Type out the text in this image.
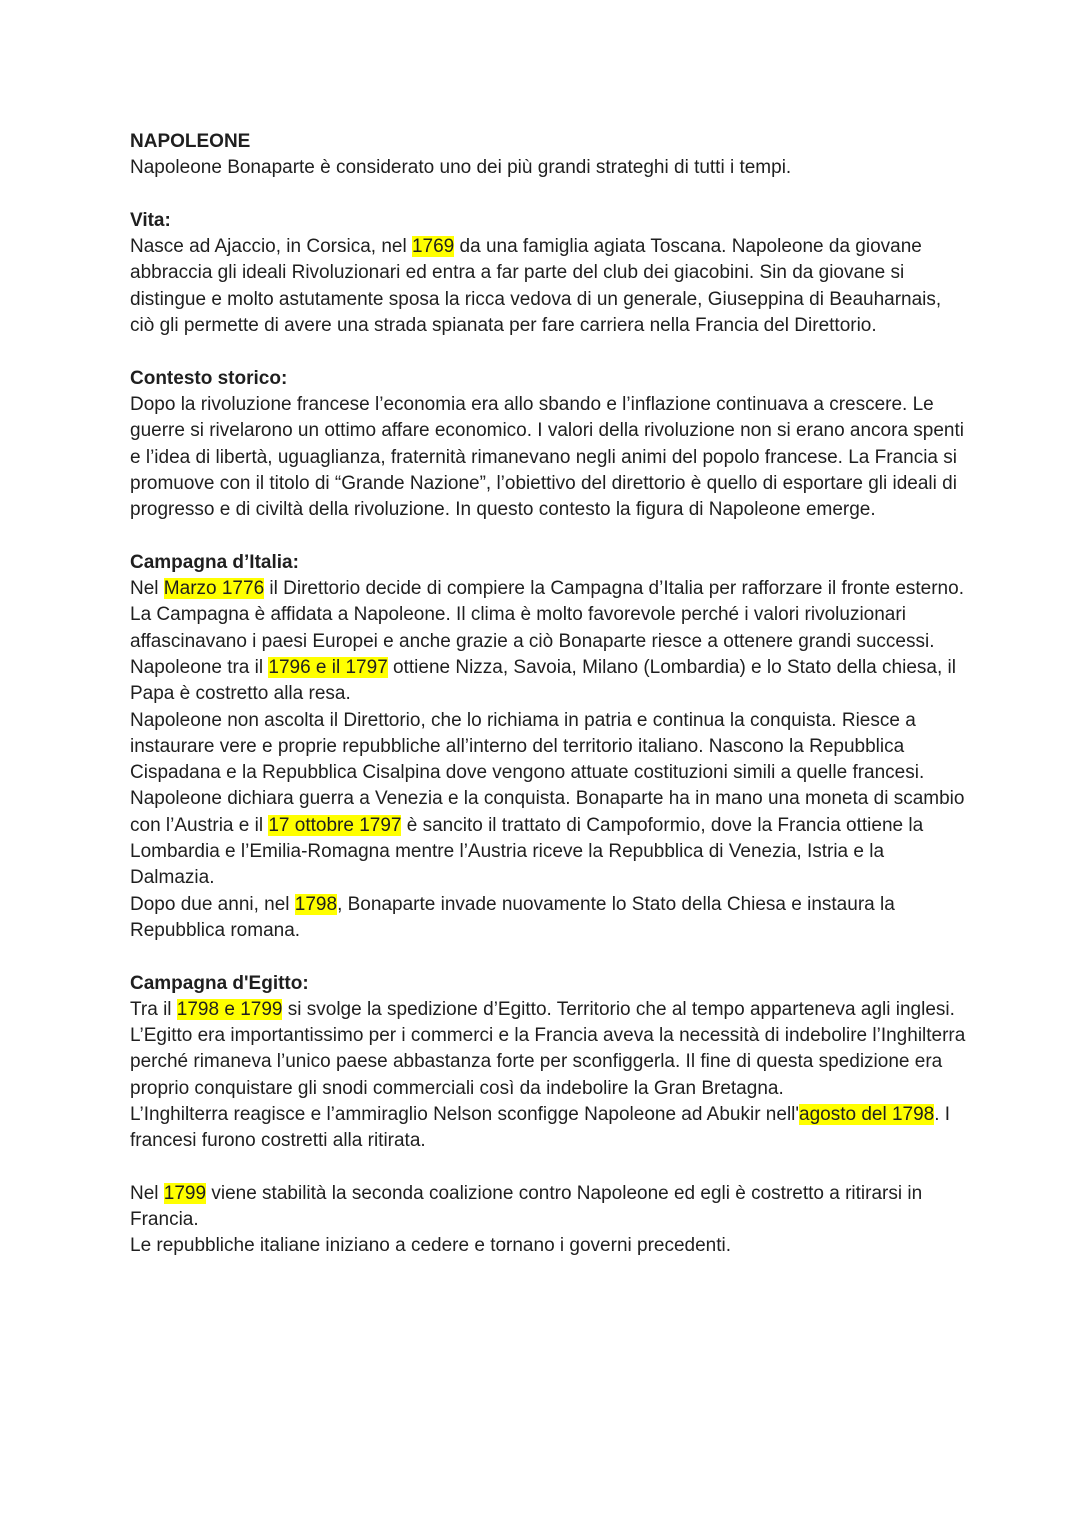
NAPOLEONE

Napoleone Bonaparte è considerato uno dei più grandi strateghi di tutti i tempi.

Vita:

Nasce ad Ajaccio, in Corsica, nel 1769 da una famiglia agiata Toscana. Napoleone da giovane abbraccia gli ideali Rivoluzionari ed entra a far parte del club dei giacobini. Sin da giovane si distingue e molto astutamente sposa la ricca vedova di un generale, Giuseppina di Beauharnais, ciò gli permette di avere una strada spianata per fare carriera nella Francia del Direttorio.

Contesto storico:

Dopo la rivoluzione francese l’economia era allo sbando e l’inflazione continuava a crescere. Le guerre si rivelarono un ottimo affare economico. I valori della rivoluzione non si erano ancora spenti e l’idea di libertà, uguaglianza, fraternità rimanevano negli animi del popolo francese. La Francia si promuove con il titolo di “Grande Nazione”, l’obiettivo del direttorio è quello di esportare gli ideali di progresso e di civiltà della rivoluzione. In questo contesto la figura di Napoleone emerge.

Campagna d’Italia:

Nel Marzo 1776 il Direttorio decide di compiere la Campagna d’Italia per rafforzare il fronte esterno. La Campagna è affidata a Napoleone. Il clima è molto favorevole perché i valori rivoluzionari affascinavano i paesi Europei e anche grazie a ciò Bonaparte riesce a ottenere grandi successi. Napoleone tra il 1796 e il 1797 ottiene Nizza, Savoia, Milano (Lombardia) e lo Stato della chiesa, il Papa è costretto alla resa.

Napoleone non ascolta il Direttorio, che lo richiama in patria e continua la conquista. Riesce a instaurare vere e proprie repubbliche all’interno del territorio italiano. Nascono la Repubblica Cispadana e la Repubblica Cisalpina dove vengono attuate costituzioni simili a quelle francesi.

Napoleone dichiara guerra a Venezia e la conquista. Bonaparte ha in mano una moneta di scambio con l’Austria e il 17 ottobre 1797 è sancito il trattato di Campoformio, dove la Francia ottiene la Lombardia e l’Emilia-Romagna mentre l’Austria riceve la Repubblica di Venezia, Istria e la Dalmazia.

Dopo due anni, nel 1798, Bonaparte invade nuovamente lo Stato della Chiesa e instaura la Repubblica romana.

Campagna d'Egitto:

Tra il 1798 e 1799 si svolge la spedizione d’Egitto. Territorio che al tempo apparteneva agli inglesi. L’Egitto era importantissimo per i commerci e la Francia aveva la necessità di indebolire l’Inghilterra perché rimaneva l’unico paese abbastanza forte per sconfiggerla. Il fine di questa spedizione era proprio conquistare gli snodi commerciali così da indebolire la Gran Bretagna.

L’Inghilterra reagisce e l’ammiraglio Nelson sconfigge Napoleone ad Abukir nell'agosto del 1798. I francesi furono costretti alla ritirata.

Nel 1799 viene stabilità la seconda coalizione contro Napoleone ed egli è costretto a ritirarsi in Francia.

Le repubbliche italiane iniziano a cedere e tornano i governi precedenti.
